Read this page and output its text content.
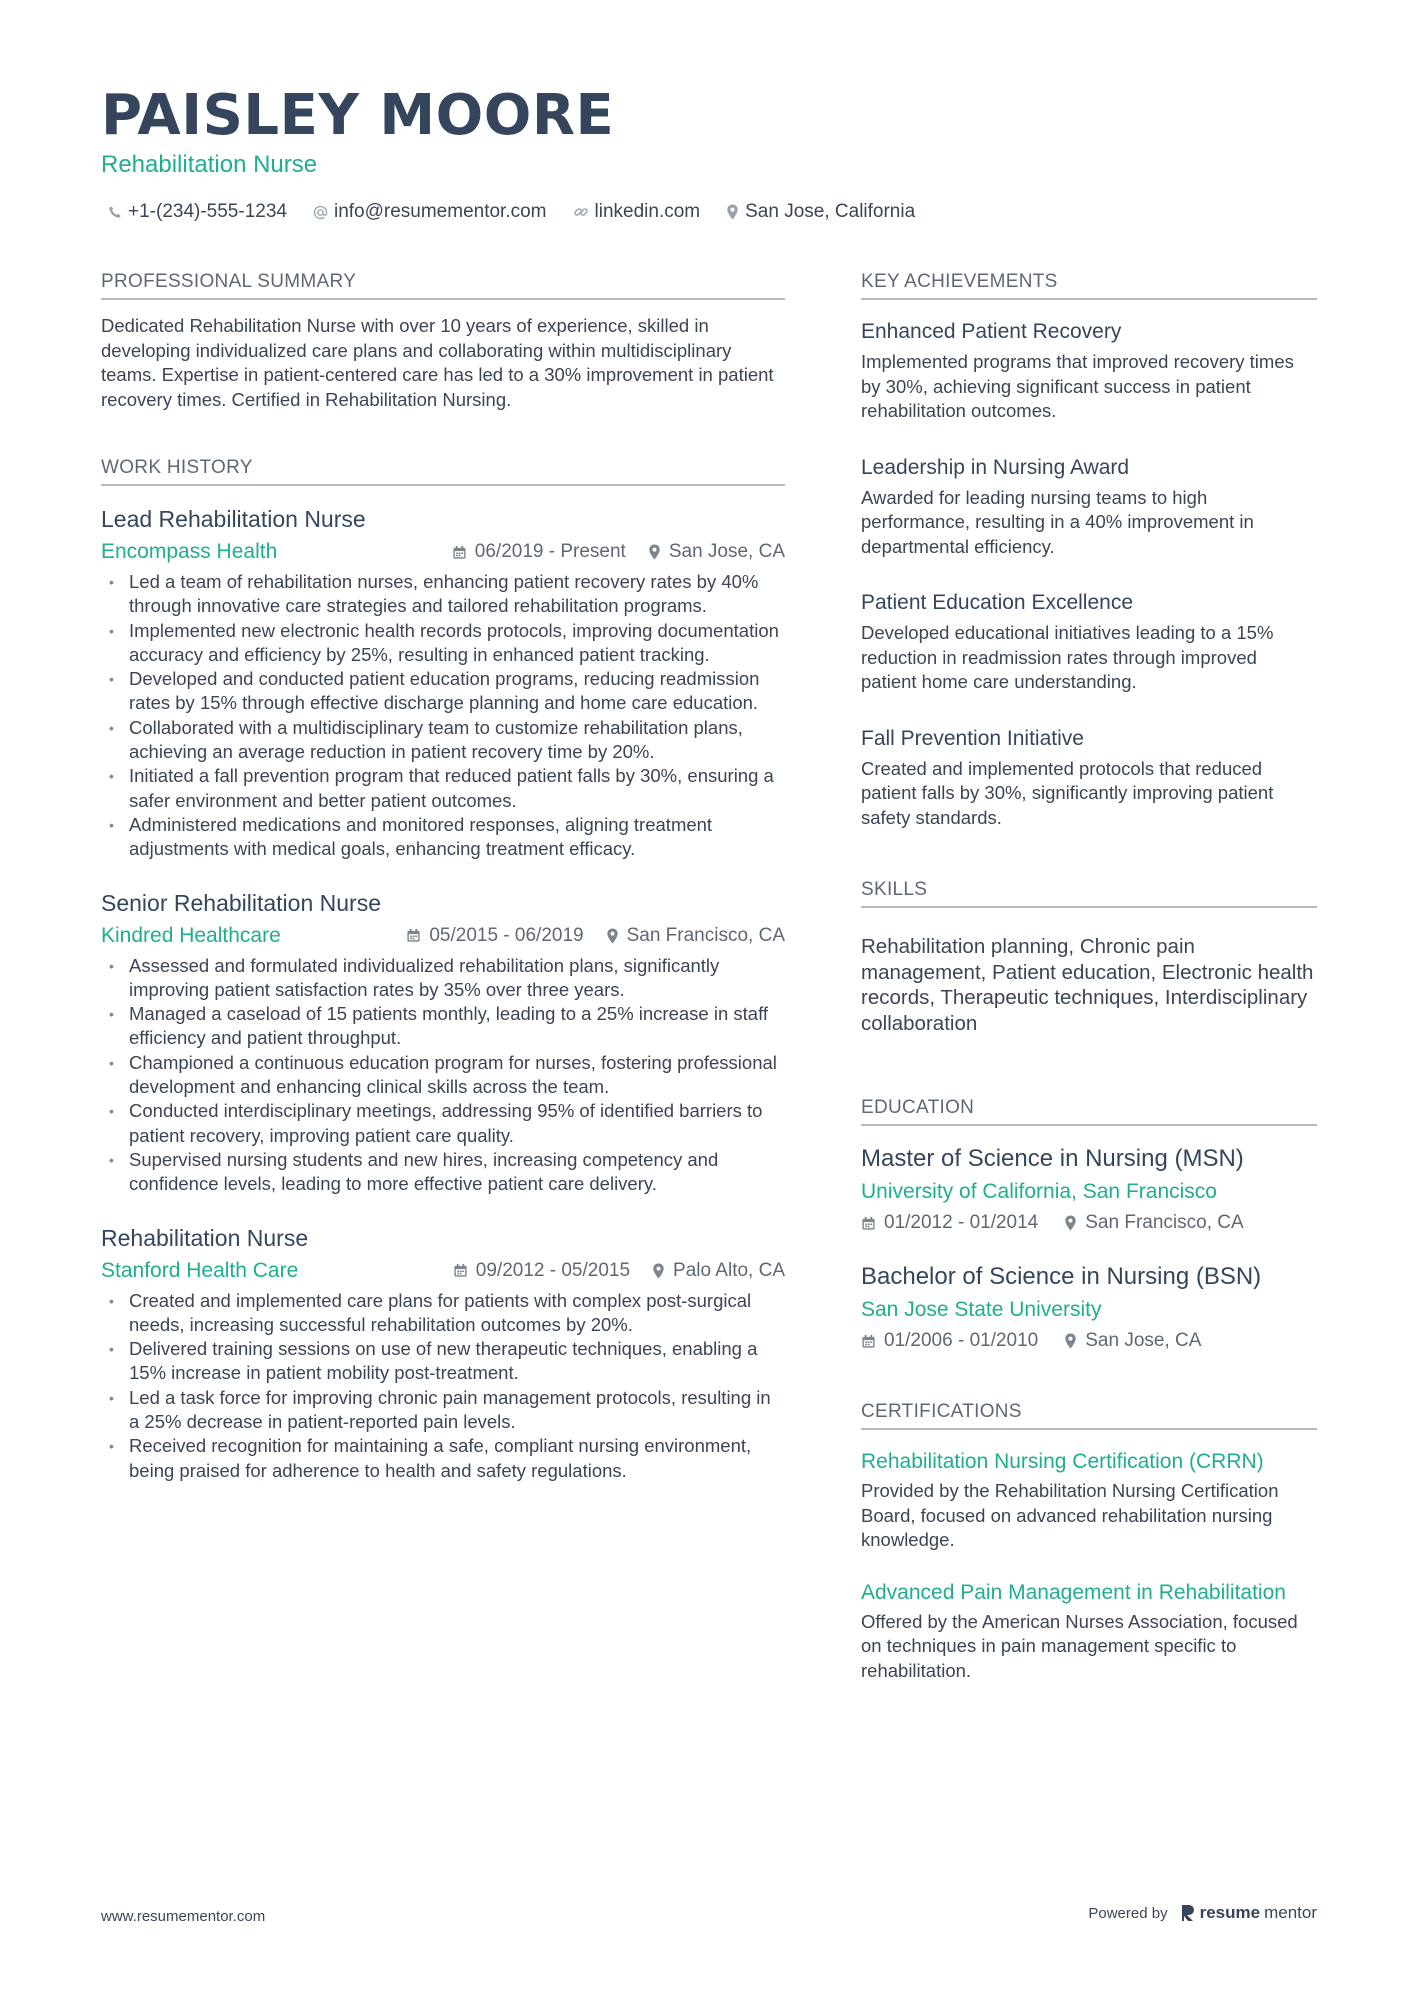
PAISLEY MOORE
Rehabilitation Nurse
+1-(234)-555-1234 info@resumementor.com	linkedin.com San Jose, California
PROFESSIONAL SUMMARY

Dedicated Rehabilitation Nurse with over 10 years of experience, skilled in developing individualized care plans and collaborating within multidisciplinary teams. Expertise in patient-centered care has led to a 30% improvement in patient recovery times. Certified in Rehabilitation Nursing.

WORK HISTORY
Lead Rehabilitation Nurse
Encompass Health	06/2019 - Present San Jose, CA
• Led a team of rehabilitation nurses, enhancing patient recovery rates by 40% through innovative care strategies and tailored rehabilitation programs.
• Implemented new electronic health records protocols, improving documentation accuracy and efficiency by 25%, resulting in enhanced patient tracking.
• Developed and conducted patient education programs, reducing readmission rates by 15% through effective discharge planning and home care education.
• Collaborated with a multidisciplinary team to customize rehabilitation plans, achieving an average reduction in patient recovery time by 20%.
• Initiated a fall prevention program that reduced patient falls by 30%, ensuring a safer environment and better patient outcomes.
• Administered medications and monitored responses, aligning treatment adjustments with medical goals, enhancing treatment efficacy.
Senior Rehabilitation Nurse
Kindred Healthcare	05/2015 - 06/2019 San Francisco, CA
• Assessed and formulated individualized rehabilitation plans, significantly improving patient satisfaction rates by 35% over three years.
• Managed a caseload of 15 patients monthly, leading to a 25% increase in staff efficiency and patient throughput.
• Championed a continuous education program for nurses, fostering professional development and enhancing clinical skills across the team.
• Conducted interdisciplinary meetings, addressing 95% of identified barriers to patient recovery, improving patient care quality.
• Supervised nursing students and new hires, increasing competency and confidence levels, leading to more effective patient care delivery.
Rehabilitation Nurse
Stanford Health Care	09/2012 - 05/2015 Palo Alto, CA
• Created and implemented care plans for patients with complex post-surgical needs, increasing successful rehabilitation outcomes by 20%.
• Delivered training sessions on use of new therapeutic techniques, enabling a 15% increase in patient mobility post-treatment.
• Led a task force for improving chronic pain management protocols, resulting in a 25% decrease in patient-reported pain levels.
• Received recognition for maintaining a safe, compliant nursing environment, being praised for adherence to health and safety regulations.
KEY ACHIEVEMENTS
Enhanced Patient Recovery

Implemented programs that improved recovery times by 30%, achieving significant success in patient rehabilitation outcomes.

Leadership in Nursing Award

Awarded for leading nursing teams to high performance, resulting in a 40% improvement in departmental efficiency.

Patient Education Excellence

Developed educational initiatives leading to a 15% reduction in readmission rates through improved patient home care understanding.

Fall Prevention Initiative

Created and implemented protocols that reduced patient falls by 30%, significantly improving patient safety standards.

SKILLS

Rehabilitation planning, Chronic pain management, Patient education, Electronic health records, Therapeutic techniques, Interdisciplinary collaboration

EDUCATION
Master of Science in Nursing (MSN)
University of California, San Francisco
01/2012 - 01/2014 San Francisco, CA
Bachelor of Science in Nursing (BSN)
San Jose State University
01/2006 - 01/2010 San Jose, CA
CERTIFICATIONS
Rehabilitation Nursing Certification (CRRN)

Provided by the Rehabilitation Nursing Certification Board, focused on advanced rehabilitation nursing knowledge.

Advanced Pain Management in Rehabilitation

Offered by the American Nurses Association, focused on techniques in pain management specific to rehabilitation.

www.resumementor.com	Powered by resume mentor
